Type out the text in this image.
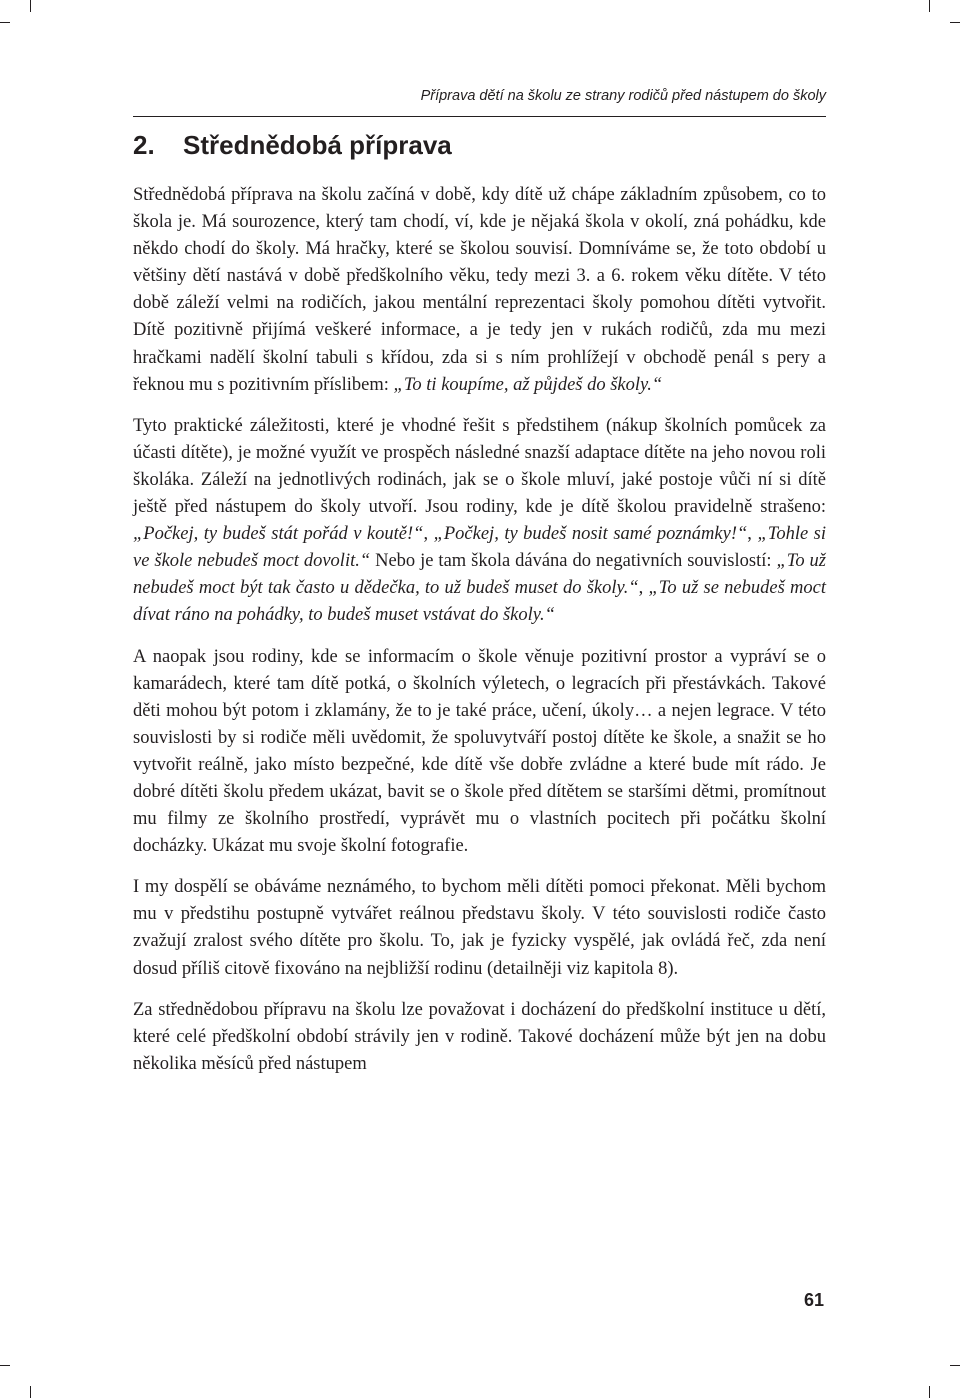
Příprava dětí na školu ze strany rodičů před nástupem do školy
2. Střednědobá příprava

Střednědobá příprava na školu začíná v době, kdy dítě už chápe základním způsobem, co to škola je. Má sourozence, který tam chodí, ví, kde je nějaká škola v okolí, zná pohádku, kde někdo chodí do školy. Má hračky, které se školou souvisí. Domníváme se, že toto období u většiny dětí nastává v době předškolního věku, tedy mezi 3. a 6. rokem věku dítěte. V této době záleží velmi na rodičích, jakou mentální reprezentaci školy pomohou dítěti vytvořit. Dítě pozitivně přijímá veškeré informace, a je tedy jen v rukách rodičů, zda mu mezi hračkami nadělí školní tabuli s křídou, zda si s ním prohlížejí v obchodě penál s pery a řeknou mu s pozitivním příslibem: „To ti koupíme, až půjdeš do školy.“

Tyto praktické záležitosti, které je vhodné řešit s předstihem (nákup školních pomůcek za účasti dítěte), je možné využít ve prospěch následné snazší adaptace dítěte na jeho novou roli školáka. Záleží na jednotlivých rodinách, jak se o škole mluví, jaké postoje vůči ní si dítě ještě před nástupem do školy utvoří. Jsou rodiny, kde je dítě školou pravidelně strašeno: „Počkej, ty budeš stát pořád v koutě!“, „Počkej, ty budeš nosit samé poznámky!“, „Tohle si ve škole nebudeš moct dovolit.“ Nebo je tam škola dávána do negativních souvislostí: „To už nebudeš moct být tak často u dědečka, to už budeš muset do školy.“, „To už se nebudeš moct dívat ráno na pohádky, to budeš muset vstávat do školy.“

A naopak jsou rodiny, kde se informacím o škole věnuje pozitivní prostor a vypráví se o kamarádech, které tam dítě potká, o školních výletech, o legracích při přestávkách. Takové děti mohou být potom i zklamány, že to je také práce, učení, úkoly… a nejen legrace. V této souvislosti by si rodiče měli uvědomit, že spoluvytváří postoj dítěte ke škole, a snažit se ho vytvořit reálně, jako místo bezpečné, kde dítě vše dobře zvládne a které bude mít rádo. Je dobré dítěti školu předem ukázat, bavit se o škole před dítětem se staršími dětmi, promítnout mu filmy ze školního prostředí, vyprávět mu o vlastních pocitech při počátku školní docházky. Ukázat mu svoje školní fotografie.

I my dospělí se obáváme neznámého, to bychom měli dítěti pomoci překonat. Měli bychom mu v předstihu postupně vytvářet reálnou představu školy. V této souvislosti rodiče často zvažují zralost svého dítěte pro školu. To, jak je fyzicky vyspělé, jak ovládá řeč, zda není dosud příliš citově fixováno na nejbližší rodinu (detailněji viz kapitola 8).

Za střednědobou přípravu na školu lze považovat i docházení do předškolní instituce u dětí, které celé předškolní období strávily jen v rodině. Takové docházení může být jen na dobu několika měsíců před nástupem

61
